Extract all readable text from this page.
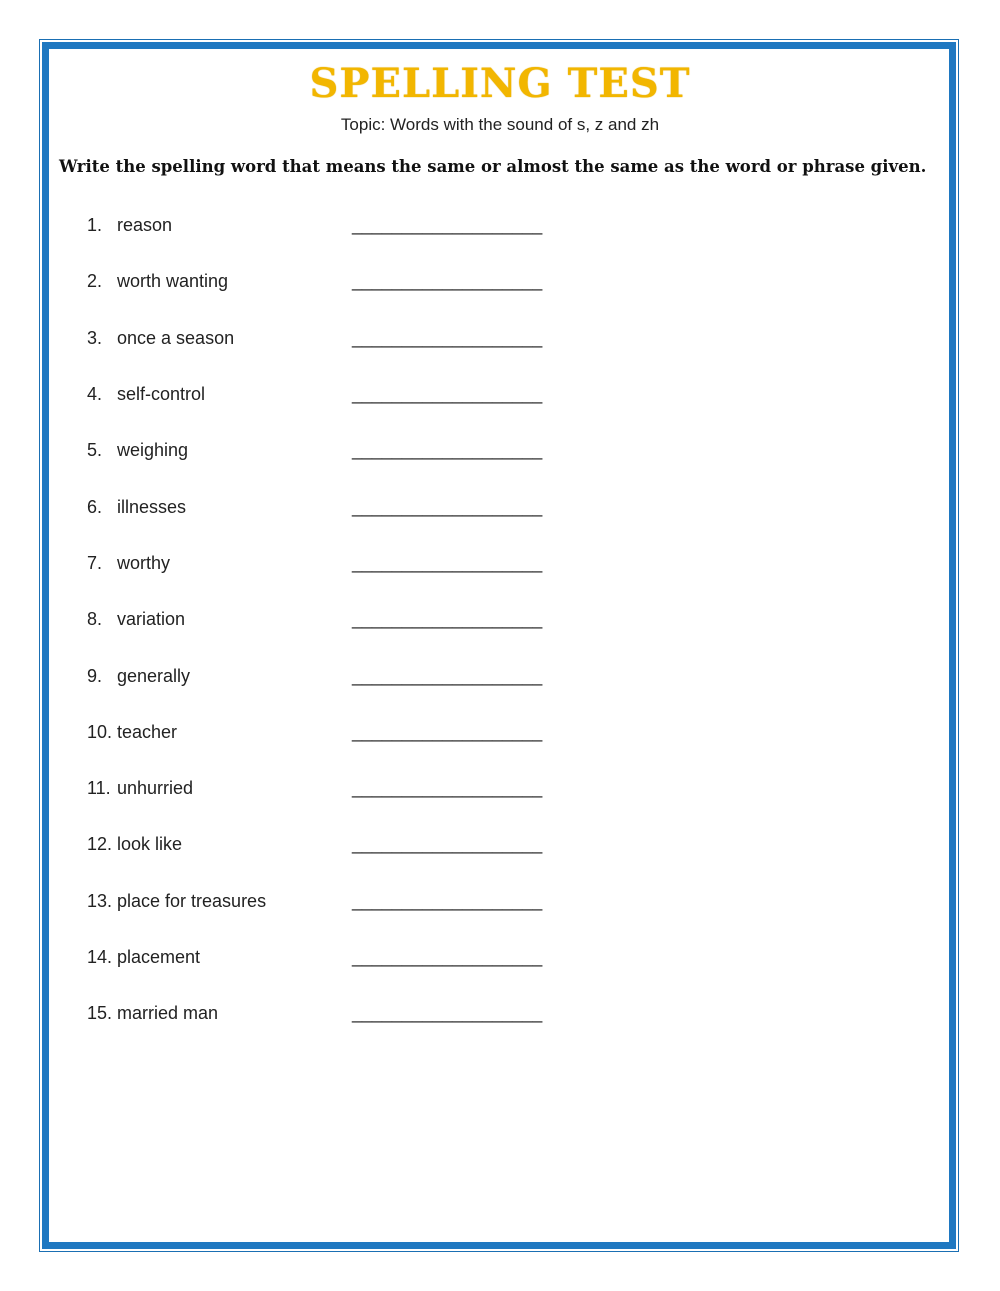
SPELLING TEST
Topic: Words with the sound of s, z and zh
Write the spelling word that means the same or almost the same as the word or phrase given.
1. reason	___________________
2. worth wanting	___________________
3. once a season	___________________
4. self-control	___________________
5. weighing	___________________
6. illnesses	___________________
7. worthy	___________________
8. variation	___________________
9. generally	___________________
10. teacher	___________________
11. unhurried	___________________
12. look like	___________________
13. place for treasures	___________________
14. placement	___________________
15. married man	___________________
